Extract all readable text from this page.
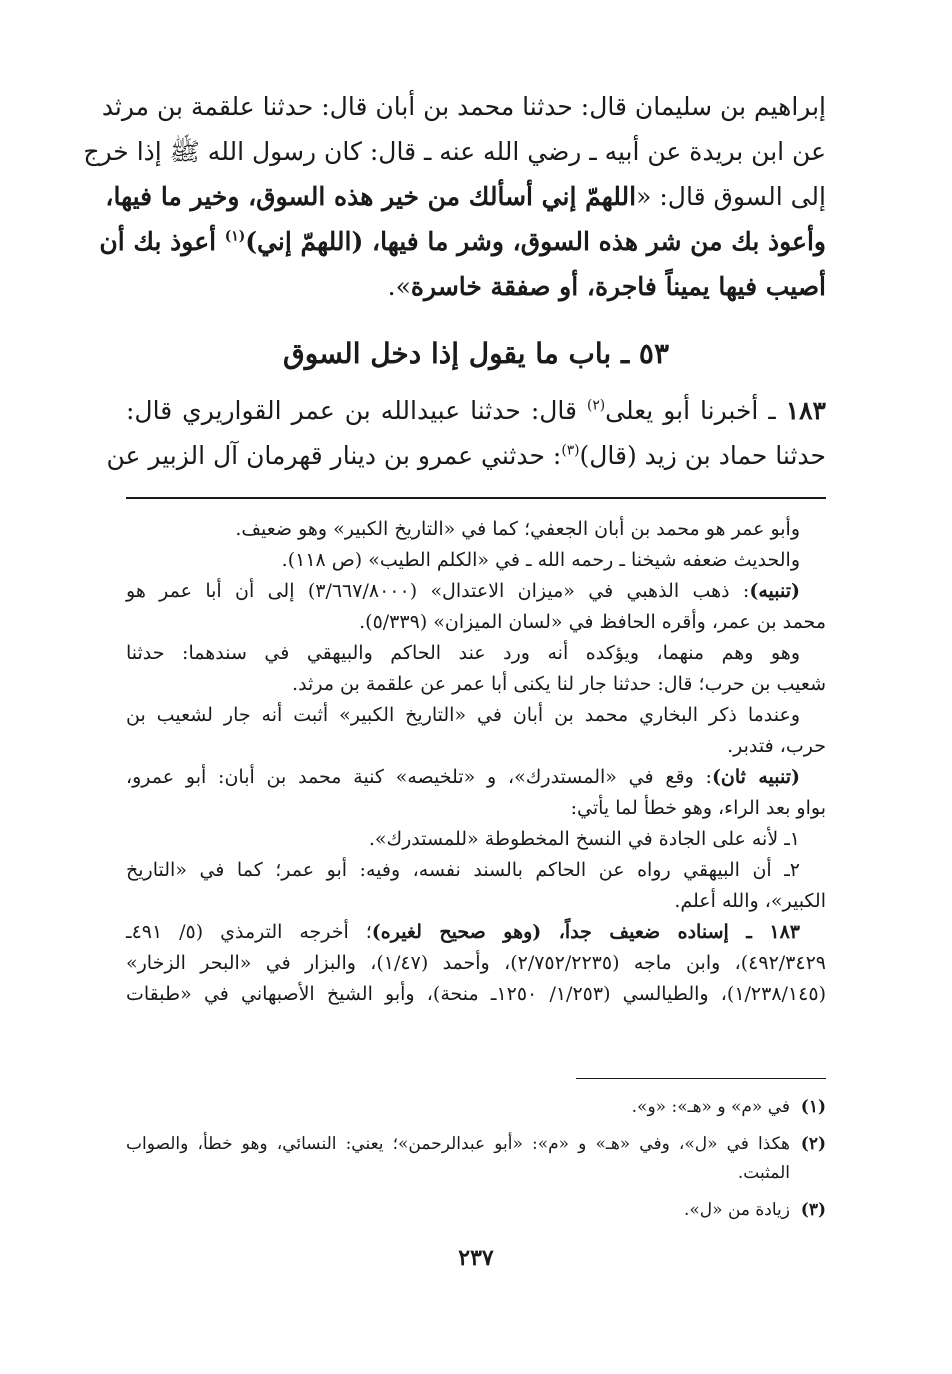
إبراهيم بن سليمان قال: حدثنا محمد بن أبان قال: حدثنا علقمة بن مرثد
عن ابن بريدة عن أبيه ـ رضي الله عنه ـ قال: كان رسول الله ﷺ إذا خرج
إلى السوق قال: «اللهمّ إني أسألك من خير هذه السوق، وخير ما فيها،
وأعوذ بك من شر هذه السوق، وشر ما فيها، (اللهمّ إني)$^{(١)}$ أعوذ بك أن
أصيب فيها يميناً فاجرة، أو صفقة خاسرة».
٥٣ ـ باب ما يقول إذا دخل السوق
١٨٣ ـ أخبرنا أبو يعلى$^{(٢)}$ قال: حدثنا عبيدالله بن عمر القواريري قال:
حدثنا حماد بن زيد (قال)$^{(٣)}$: حدثني عمرو بن دينار قهرمان آل الزبير عن
وأبو عمر هو محمد بن أبان الجعفي؛ كما في «التاريخ الكبير» وهو ضعيف.
والحديث ضعفه شيخنا ـ رحمه الله ـ في «الكلم الطيب» (ص ١١٨).
(تنبيه): ذهب الذهبي في «ميزان الاعتدال» (٣/٦٦٧/٨٠٠٠) إلى أن أبا عمر هو
محمد بن عمر، وأقره الحافظ في «لسان الميزان» (٥/٣٣٩).
وهو وهم منهما، ويؤكده أنه ورد عند الحاكم والبيهقي في سندهما: حدثنا
شعيب بن حرب؛ قال: حدثنا جار لنا يكنى أبا عمر عن علقمة بن مرثد.
وعندما ذكر البخاري محمد بن أبان في «التاريخ الكبير» أثبت أنه جار لشعيب بن
حرب، فتدبر.
(تنبيه ثان): وقع في «المستدرك»، و «تلخيصه» كنية محمد بن أبان: أبو عمرو،
بواو بعد الراء، وهو خطأ لما يأتي:
١ـ لأنه على الجادة في النسخ المخطوطة «للمستدرك».
٢ـ أن البيهقي رواه عن الحاكم بالسند نفسه، وفيه: أبو عمر؛ كما في «التاريخ
الكبير»، والله أعلم.
١٨٣ ـ إسناده ضعيف جداً، (وهو صحيح لغيره)؛ أخرجه الترمذي (٥/ ٤٩١ـ
٤٩٢/٣٤٢٩)، وابن ماجه (٢/٧٥٢/٢٢٣٥)، وأحمد (١/٤٧)، والبزار في «البحر الزخار»
(١/٢٣٨/١٤٥)، والطيالسي (١/٢٥٣/ ١٢٥٠ـ منحة)، وأبو الشيخ الأصبهاني في «طبقات
(١)في «م» و «هـ»: «و».
(٢)هكذا في «ل»، وفي «هـ» و «م»: «أبو عبدالرحمن»؛ يعني: النسائي، وهو خطأ، والصواب
المثبت.
(٣)زيادة من «ل».
٢٣٧
